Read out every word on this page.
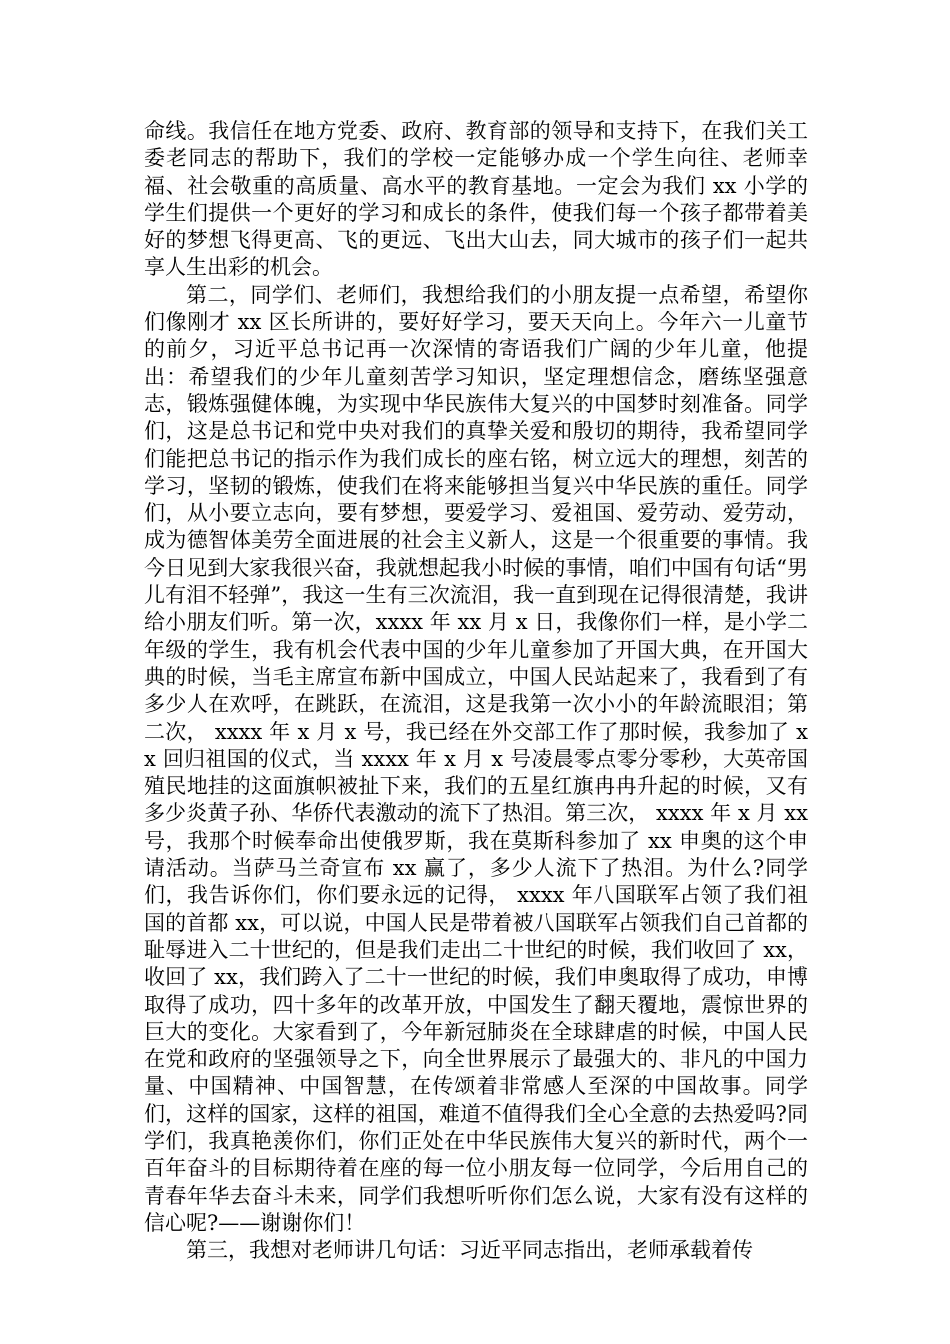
命线。我信任在地方党委、政府、教育部的领导和支持下，在我们关工委老同志的帮助下，我们的学校一定能够办成一个学生向往、老师幸福、社会敬重的高质量、高水平的教育基地。一定会为我们 xx 小学的学生们提供一个更好的学习和成长的条件，使我们每一个孩子都带着美好的梦想飞得更高、飞的更远、飞出大山去，同大城市的孩子们一起共享人生出彩的机会。

第二，同学们、老师们，我想给我们的小朋友提一点希望，希望你们像刚才 xx 区长所讲的，要好好学习，要天天向上。今年六一儿童节的前夕，习近平总书记再一次深情的寄语我们广阔的少年儿童，他提出：希望我们的少年儿童刻苦学习知识，坚定理想信念，磨练坚强意志，锻炼强健体魄，为实现中华民族伟大复兴的中国梦时刻准备。同学们，这是总书记和党中央对我们的真挚关爱和殷切的期待，我希望同学们能把总书记的指示作为我们成长的座右铭，树立远大的理想，刻苦的学习，坚韧的锻炼，使我们在将来能够担当复兴中华民族的重任。同学们，从小要立志向，要有梦想，要爱学习、爱祖国、爱劳动、爱劳动，成为德智体美劳全面进展的社会主义新人，这是一个很重要的事情。我今日见到大家我很兴奋，我就想起我小时候的事情，咱们中国有句话“男儿有泪不轻弹”，我这一生有三次流泪，我一直到现在记得很清楚，我讲给小朋友们听。第一次，xxxx 年 xx 月 x 日，我像你们一样，是小学二年级的学生，我有机会代表中国的少年儿童参加了开国大典，在开国大典的时候，当毛主席宣布新中国成立，中国人民站起来了，我看到了有多少人在欢呼，在跳跃，在流泪，这是我第一次小小的年龄流眼泪；第二次， xxxx 年 x 月 x 号，我已经在外交部工作了那时候，我参加了 xx 回归祖国的仪式，当 xxxx 年 x 月 x 号凌晨零点零分零秒，大英帝国殖民地挂的这面旗帜被扯下来，我们的五星红旗冉冉升起的时候，又有多少炎黄子孙、华侨代表激动的流下了热泪。第三次， xxxx 年 x 月 xx 号，我那个时候奉命出使俄罗斯，我在莫斯科参加了 xx 申奥的这个申请活动。当萨马兰奇宣布 xx 赢了，多少人流下了热泪。为什么?同学们，我告诉你们，你们要永远的记得， xxxx 年八国联军占领了我们祖国的首都 xx，可以说，中国人民是带着被八国联军占领我们自己首都的耻辱进入二十世纪的，但是我们走出二十世纪的时候，我们收回了 xx，收回了 xx，我们跨入了二十一世纪的时候，我们申奥取得了成功，申博取得了成功，四十多年的改革开放，中国发生了翻天覆地，震惊世界的巨大的变化。大家看到了，今年新冠肺炎在全球肆虐的时候，中国人民在党和政府的坚强领导之下，向全世界展示了最强大的、非凡的中国力量、中国精神、中国智慧，在传颂着非常感人至深的中国故事。同学们，这样的国家，这样的祖国，难道不值得我们全心全意的去热爱吗?同学们，我真艳羡你们，你们正处在中华民族伟大复兴的新时代，两个一百年奋斗的目标期待着在座的每一位小朋友每一位同学，今后用自己的青春年华去奋斗未来，同学们我想听听你们怎么说，大家有没有这样的信心呢?——谢谢你们！

第三，我想对老师讲几句话：习近平同志指出，老师承载着传
